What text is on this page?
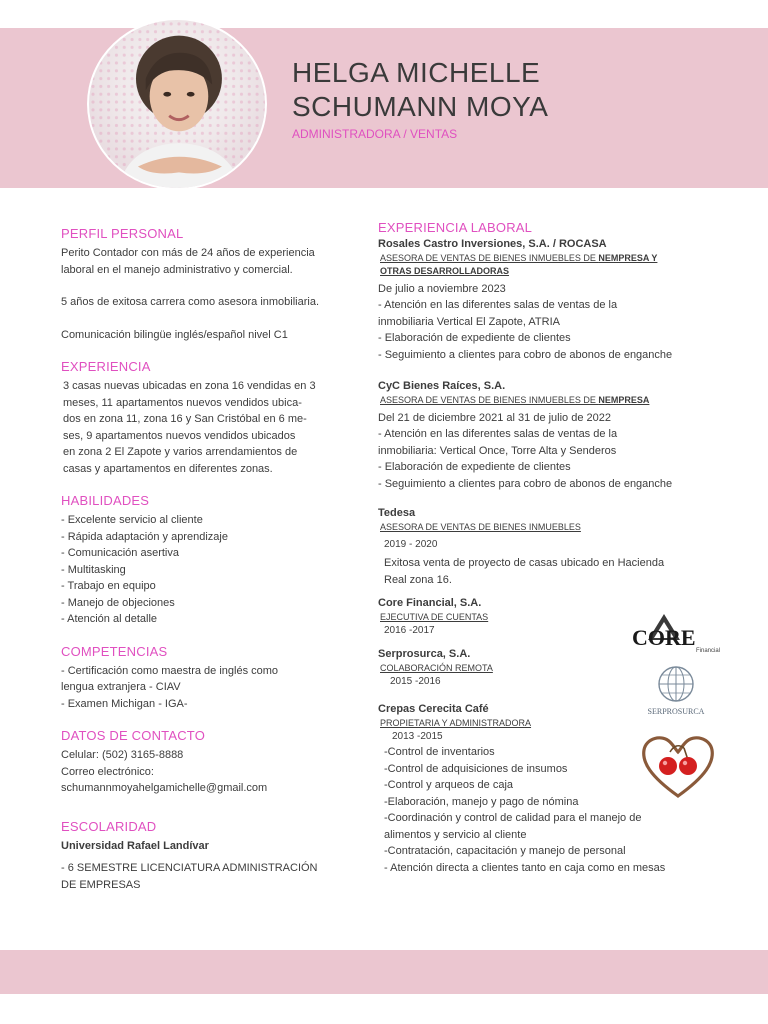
HELGA MICHELLE
SCHUMANN MOYA
ADMINISTRADORA / VENTAS
PERFIL PERSONAL
Perito Contador con más de 24 años de experiencia laboral en el manejo administrativo y comercial.
5 años de exitosa carrera como asesora inmobiliaria.
Comunicación bilingüe inglés/español nivel C1
EXPERIENCIA
3 casas nuevas ubicadas en zona 16 vendidas en 3
meses, 11 apartamentos nuevos vendidos ubica-
dos en zona 11, zona 16 y San Cristóbal en 6 me-
ses, 9 apartamentos nuevos vendidos ubicados
en zona 2 El Zapote y varios arrendamientos de
casas y apartamentos en diferentes zonas.
HABILIDADES
- Excelente servicio al cliente
- Rápida adaptación y aprendizaje
- Comunicación asertiva
- Multitasking
- Trabajo en equipo
- Manejo de objeciones
- Atención al detalle
COMPETENCIAS
- Certificación como maestra de inglés como lengua extranjera - CIAV
- Examen Michigan - IGA-
DATOS DE CONTACTO
Celular: (502) 3165-8888
Correo electrónico:
schumannmoyahelgamichelle@gmail.com
ESCOLARIDAD
Universidad Rafael Landívar
- 6 SEMESTRE LICENCIATURA ADMINISTRACIÓN DE EMPRESAS
EXPERIENCIA LABORAL
Rosales Castro Inversiones, S.A. / ROCASA
ASESORA DE VENTAS DE BIENES INMUEBLES DE NEMPRESA Y OTRAS DESARROLLADORAS
De julio a noviembre 2023
- Atención en las diferentes salas de ventas de la inmobiliaria Vertical El Zapote, ATRIA
- Elaboración de expediente de clientes
- Seguimiento a clientes para cobro de abonos de enganche
CyC Bienes Raíces, S.A.
ASESORA DE VENTAS DE BIENES INMUEBLES DE NEMPRESA
Del 21 de diciembre 2021 al 31 de julio de 2022
- Atención en las diferentes salas de ventas de la inmobiliaria: Vertical Once, Torre Alta y Senderos
- Elaboración de expediente de clientes
- Seguimiento a clientes para cobro de abonos de enganche
Tedesa
ASESORA DE VENTAS DE BIENES INMUEBLES
2019 - 2020
Exitosa venta de proyecto de casas ubicado en Hacienda Real zona 16.
Core Financial, S.A.
EJECUTIVA DE CUENTAS
2016 -2017
Serprosurca, S.A.
COLABORACIÓN REMOTA
2015 -2016
Crepas Cerecita Café
PROPIETARIA Y ADMINISTRADORA
2013 -2015
-Control de inventarios
-Control de adquisiciones de insumos
-Control y arqueos de caja
-Elaboración, manejo y pago de nómina
-Coordinación y control de calidad para el manejo de alimentos y servicio al cliente
-Contratación, capacitación y manejo de personal
- Atención directa a clientes tanto en caja como en mesas
CORE
Financial
SERPROSURCA
